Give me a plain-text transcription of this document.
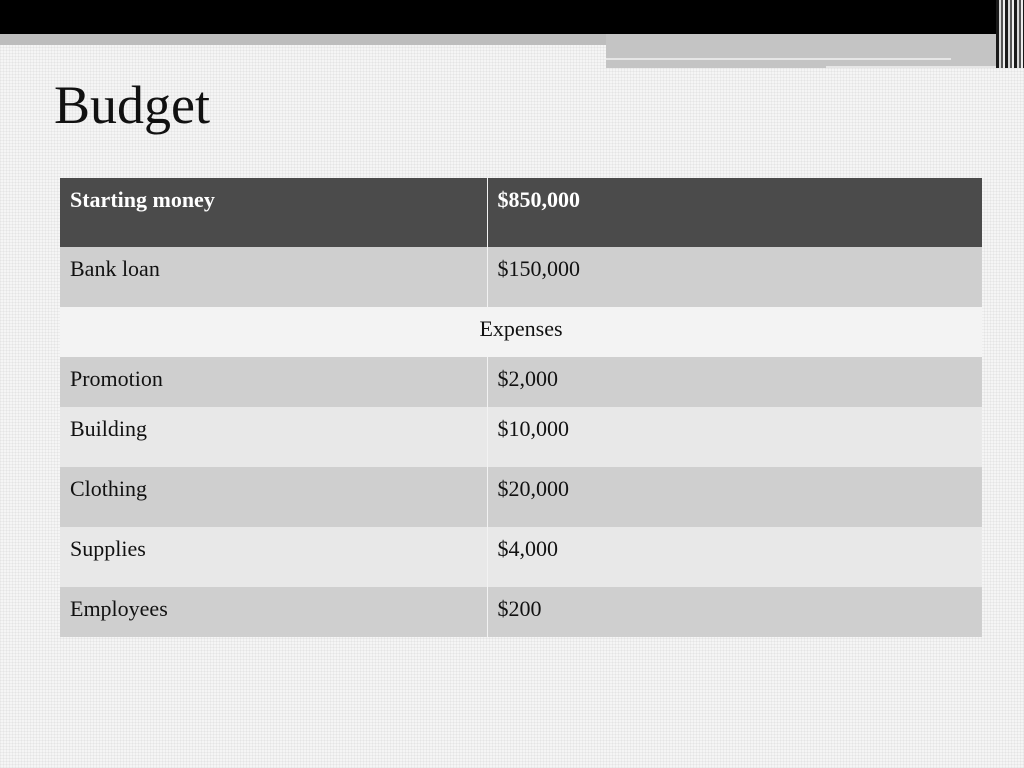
Budget
Starting money	$850,000
Bank loan	$150,000
Expenses	
Promotion	$2,000
Building	$10,000
Clothing	$20,000
Supplies	$4,000
Employees	$200
